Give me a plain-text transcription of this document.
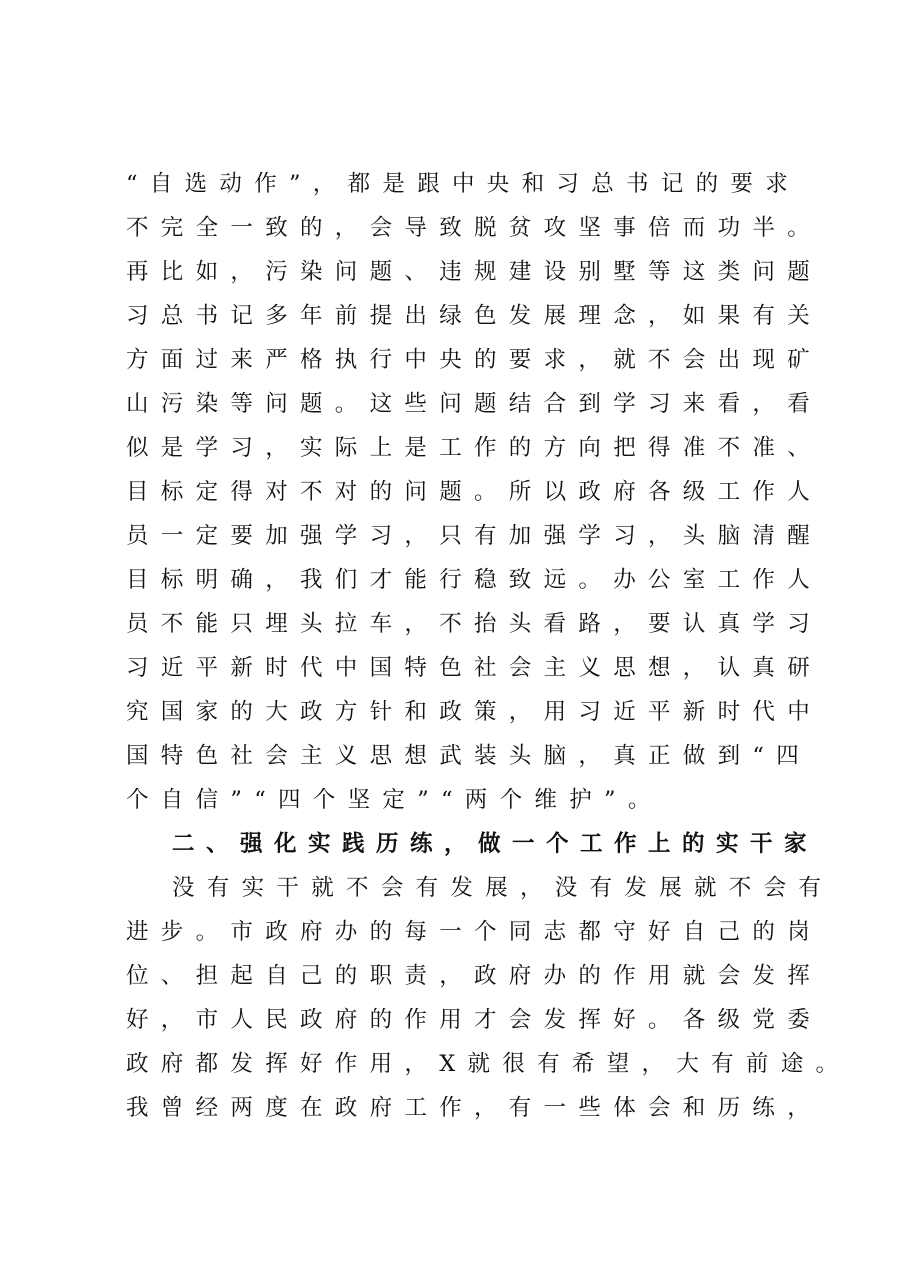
“自选动作”，都是跟中央和习总书记的要求
不完全一致的，会导致脱贫攻坚事倍而功半。
再比如，污染问题、违规建设别墅等这类问题
习总书记多年前提出绿色发展理念，如果有关
方面过来严格执行中央的要求，就不会出现矿
山污染等问题。这些问题结合到学习来看，看
似是学习，实际上是工作的方向把得准不准、
目标定得对不对的问题。所以政府各级工作人
员一定要加强学习，只有加强学习，头脑清醒
目标明确，我们才能行稳致远。办公室工作人
员不能只埋头拉车，不抬头看路，要认真学习
习近平新时代中国特色社会主义思想，认真研
究国家的大政方针和政策，用习近平新时代中
国特色社会主义思想武装头脑，真正做到“四
个自信”“四个坚定”“两个维护”。
二、强化实践历练，做一个工作上的实干家
没有实干就不会有发展，没有发展就不会有
进步。市政府办的每一个同志都守好自己的岗
位、担起自己的职责，政府办的作用就会发挥
好，市人民政府的作用才会发挥好。各级党委
政府都发挥好作用，X就很有希望，大有前途。
我曾经两度在政府工作，有一些体会和历练，
